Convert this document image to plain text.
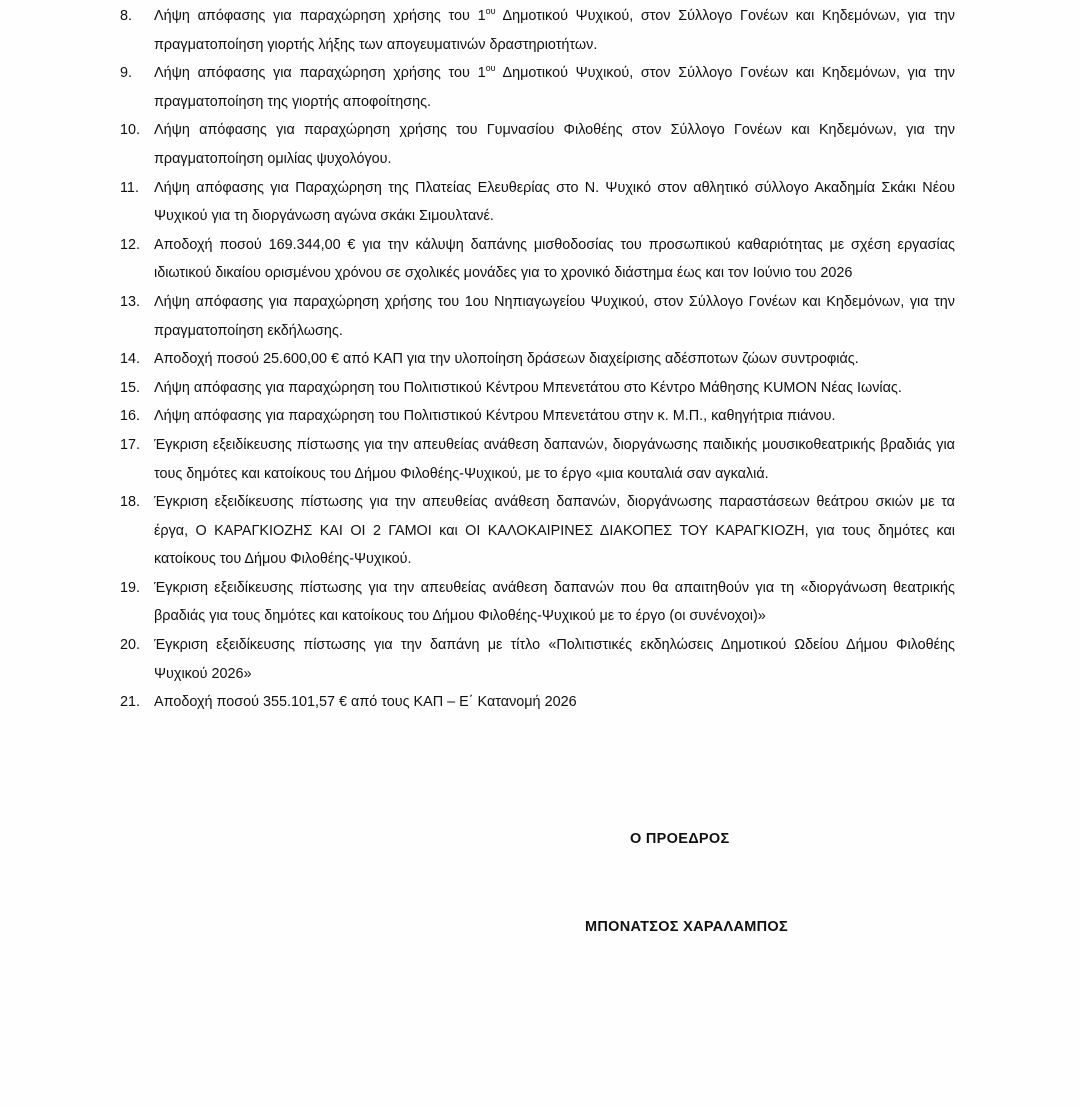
8.	Λήψη απόφασης για παραχώρηση χρήσης του $1^{o\upsilon}$ Δημοτικού Ψυχικού, στον Σύλλογο Γονέων και Κηδεμόνων, για την πραγματοποίηση γιορτής λήξης των απογευματινών δραστηριοτήτων.
9.	Λήψη απόφασης για παραχώρηση χρήσης του $1^{o\upsilon}$ Δημοτικού Ψυχικού, στον Σύλλογο Γονέων και Κηδεμόνων, για την πραγματοποίηση της γιορτής αποφοίτησης.
10. Λήψη απόφασης για παραχώρηση χρήσης του Γυμνασίου Φιλοθέης στον Σύλλογο Γονέων και Κηδεμόνων, για την πραγματοποίηση ομιλίας ψυχολόγου.
11.	Λήψη απόφασης για Παραχώρηση της Πλατείας Ελευθερίας στο Ν. Ψυχικό στον αθλητικό σύλλογο Ακαδημία Σκάκι Νέου Ψυχικού για τη διοργάνωση αγώνα σκάκι Σιμουλτανέ.
12. Αποδοχή ποσού 169.344,00 € για την κάλυψη δαπάνης μισθοδοσίας του προσωπικού καθαριότητας με σχέση εργασίας ιδιωτικού δικαίου ορισμένου χρόνου σε σχολικές μονάδες για το χρονικό διάστημα έως και τον Ιούνιο του 2026
13. Λήψη απόφασης για παραχώρηση χρήσης του 1ου Νηπιαγωγείου Ψυχικού, στον Σύλλογο Γονέων και Κηδεμόνων, για την πραγματοποίηση εκδήλωσης.
14. Αποδοχή ποσού 25.600,00 € από ΚΑΠ για την υλοποίηση δράσεων διαχείρισης αδέσποτων ζώων συντροφιάς.
15. Λήψη απόφασης για παραχώρηση του Πολιτιστικού Κέντρου Μπενετάτου στο Κέντρο Μάθησης KUMON Νέας Ιωνίας.
16. Λήψη απόφασης για παραχώρηση του Πολιτιστικού Κέντρου Μπενετάτου στην κ. Μ.Π., καθηγήτρια πιάνου.
17. Έγκριση εξειδίκευσης πίστωσης για την απευθείας ανάθεση δαπανών, διοργάνωσης παιδικής μουσικοθεατρικής βραδιάς για τους δημότες και κατοίκους του Δήμου Φιλοθέης-Ψυχικού, με το έργο «μια κουταλιά σαν αγκαλιά.
18. Έγκριση εξειδίκευσης πίστωσης για την απευθείας ανάθεση δαπανών, διοργάνωσης παραστάσεων θεάτρου σκιών με τα έργα, Ο ΚΑΡΑΓΚΙΟΖΗΣ ΚΑΙ ΟΙ 2 ΓΑΜΟΙ και ΟΙ ΚΑΛΟΚΑΙΡΙΝΕΣ ΔΙΑΚΟΠΕΣ ΤΟΥ ΚΑΡΑΓΚΙΟΖΗ, για τους δημότες και κατοίκους του Δήμου Φιλοθέης-Ψυχικού.
19. Έγκριση εξειδίκευσης πίστωσης για την απευθείας ανάθεση δαπανών που θα απαιτηθούν για τη «διοργάνωση θεατρικής βραδιάς για τους δημότες και κατοίκους του Δήμου Φιλοθέης-Ψυχικού με το έργο (οι συνένοχοι)»
20. Έγκριση εξειδίκευσης πίστωσης για την δαπάνη με τίτλο «Πολιτιστικές εκδηλώσεις Δημοτικού Ωδείου Δήμου Φιλοθέης Ψυχικού 2026»
21. Αποδοχή ποσού 355.101,57 € από τους ΚΑΠ – Ε΄ Κατανομή 2026
Ο ΠΡΟΕΔΡΟΣ
ΜΠΟΝΑΤΣΟΣ ΧΑΡΑΛΑΜΠΟΣ
